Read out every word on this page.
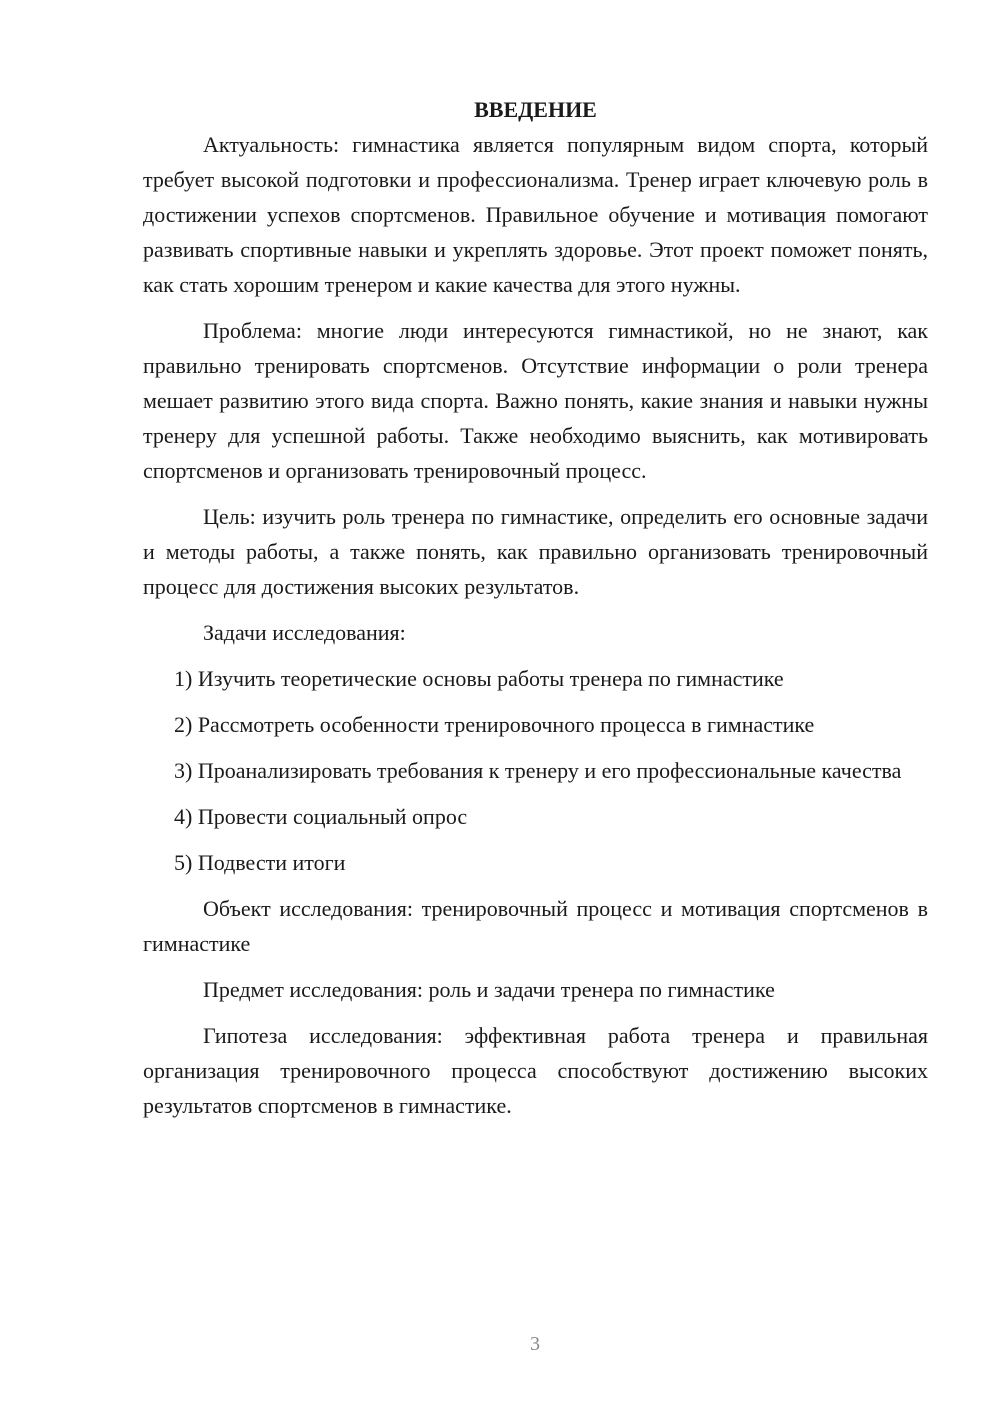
ВВЕДЕНИЕ

Актуальность: гимнастика является популярным видом спорта, который требует высокой подготовки и профессионализма. Тренер играет ключевую роль в достижении успехов спортсменов. Правильное обучение и мотивация помогают развивать спортивные навыки и укреплять здоровье. Этот проект поможет понять, как стать хорошим тренером и какие качества для этого нужны.

Проблема: многие люди интересуются гимнастикой, но не знают, как правильно тренировать спортсменов. Отсутствие информации о роли тренера мешает развитию этого вида спорта. Важно понять, какие знания и навыки нужны тренеру для успешной работы. Также необходимо выяснить, как мотивировать спортсменов и организовать тренировочный процесс.

Цель: изучить роль тренера по гимнастике, определить его основные задачи и методы работы, а также понять, как правильно организовать тренировочный процесс для достижения высоких результатов.

Задачи исследования:

1) Изучить теоретические основы работы тренера по гимнастике

2) Рассмотреть особенности тренировочного процесса в гимнастике

3) Проанализировать требования к тренеру и его профессиональные качества

4) Провести социальный опрос

5) Подвести итоги

Объект исследования: тренировочный процесс и мотивация спортсменов в гимнастике

Предмет исследования: роль и задачи тренера по гимнастике

Гипотеза исследования: эффективная работа тренера и правильная организация тренировочного процесса способствуют достижению высоких результатов спортсменов в гимнастике.

3
